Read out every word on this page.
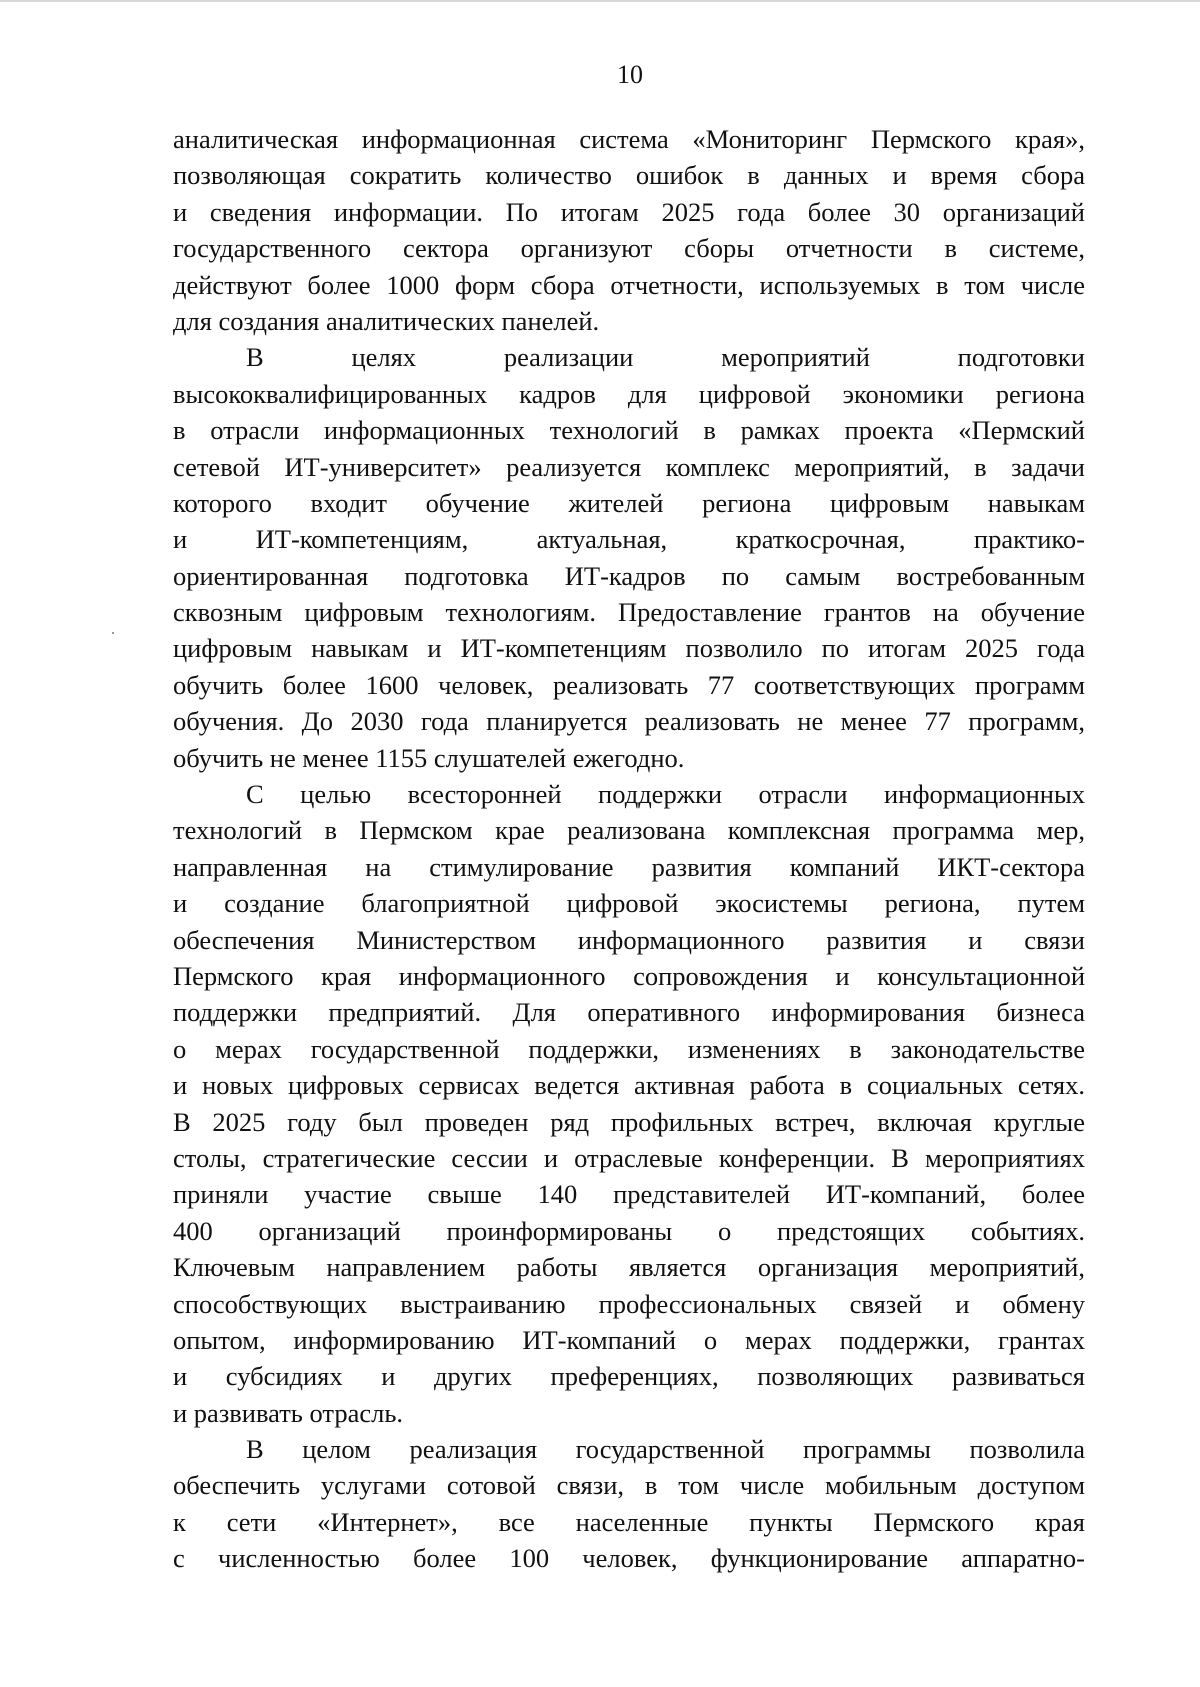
10
аналитическая информационная система «Мониторинг Пермского края»,
позволяющая сократить количество ошибок в данных и время сбора
и сведения информации. По итогам 2025 года более 30 организаций
государственного сектора организуют сборы отчетности в системе,
действуют более 1000 форм сбора отчетности, используемых в том числе
для создания аналитических панелей.
В целях реализации мероприятий подготовки
высококвалифицированных кадров для цифровой экономики региона
в отрасли информационных технологий в рамках проекта «Пермский
сетевой ИТ-университет» реализуется комплекс мероприятий, в задачи
которого входит обучение жителей региона цифровым навыкам
и ИТ-компетенциям, актуальная, краткосрочная, практико-
ориентированная подготовка ИТ-кадров по самым востребованным
сквозным цифровым технологиям. Предоставление грантов на обучение
цифровым навыкам и ИТ-компетенциям позволило по итогам 2025 года
обучить более 1600 человек, реализовать 77 соответствующих программ
обучения. До 2030 года планируется реализовать не менее 77 программ,
обучить не менее 1155 слушателей ежегодно.
С целью всесторонней поддержки отрасли информационных
технологий в Пермском крае реализована комплексная программа мер,
направленная на стимулирование развития компаний ИКТ-сектора
и создание благоприятной цифровой экосистемы региона, путем
обеспечения Министерством информационного развития и связи
Пермского края информационного сопровождения и консультационной
поддержки предприятий. Для оперативного информирования бизнеса
о мерах государственной поддержки, изменениях в законодательстве
и новых цифровых сервисах ведется активная работа в социальных сетях.
В 2025 году был проведен ряд профильных встреч, включая круглые
столы, стратегические сессии и отраслевые конференции. В мероприятиях
приняли участие свыше 140 представителей ИТ-компаний, более
400 организаций проинформированы о предстоящих событиях.
Ключевым направлением работы является организация мероприятий,
способствующих выстраиванию профессиональных связей и обмену
опытом, информированию ИТ-компаний о мерах поддержки, грантах
и субсидиях и других преференциях, позволяющих развиваться
и развивать отрасль.
В целом реализация государственной программы позволила
обеспечить услугами сотовой связи, в том числе мобильным доступом
к сети «Интернет», все населенные пункты Пермского края
с численностью более 100 человек, функционирование аппаратно-
